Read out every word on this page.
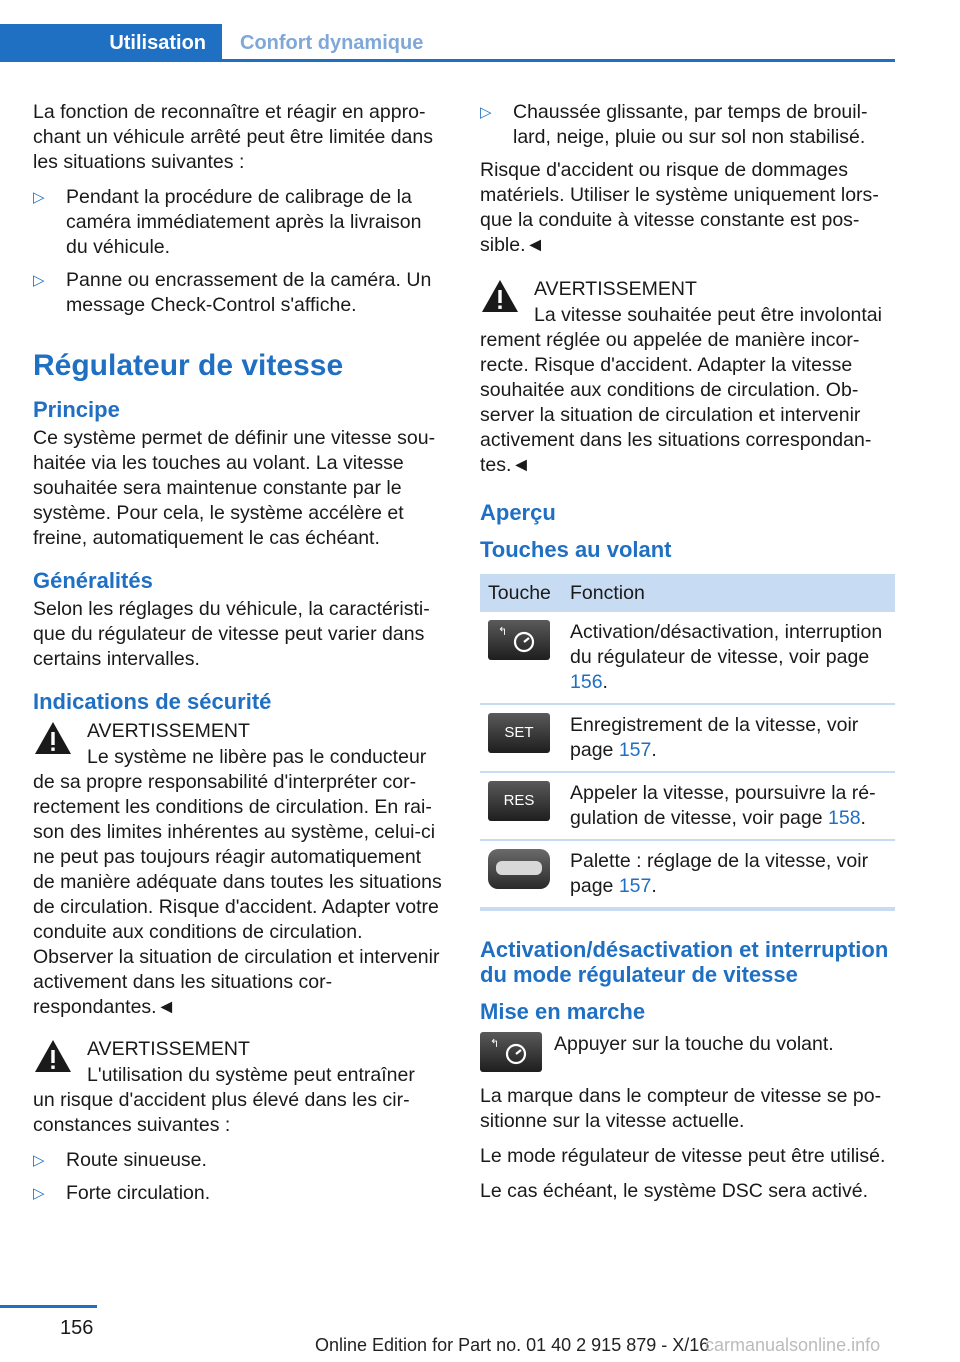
Utilisation	Confort dynamique

La fonction de reconnaître et réagir en approchant un véhicule arrêté peut être limitée dans les situations suivantes :

▷ Pendant la procédure de calibrage de la caméra immédiatement après la livraison du véhicule.
▷ Panne ou encrassement de la caméra. Un message Check-Control s'affiche.
Régulateur de vitesse
Principe

Ce système permet de définir une vitesse souhaitée via les touches au volant. La vitesse souhaitée sera maintenue constante par le système. Pour cela, le système accélère et freine, automatiquement le cas échéant.

Généralités

Selon les réglages du véhicule, la caractéristique du régulateur de vitesse peut varier dans certains intervalles.

Indications de sécurité
AVERTISSEMENT
Le système ne libère pas le conducteur

de sa propre responsabilité d'interpréter correctement les conditions de circulation. En raison des limites inhérentes au système, celui-ci ne peut pas toujours réagir automatiquement de manière adéquate dans toutes les situations de circulation. Risque d'accident. Adapter votre conduite aux conditions de circulation. Observer la situation de circulation et intervenir activement dans les situations correspondantes.◄

AVERTISSEMENT
L'utilisation du système peut entraîner

un risque d'accident plus élevé dans les circonstances suivantes :

▷ Route sinueuse.
▷ Forte circulation.
▷ Chaussée glissante, par temps de brouillard, neige, pluie ou sur sol non stabilisé.

Risque d'accident ou risque de dommages matériels. Utiliser le système uniquement lorsque la conduite à vitesse constante est possible.◄

AVERTISSEMENT
La vitesse souhaitée peut être involontai

rement réglée ou appelée de manière incorrecte. Risque d'accident. Adapter la vitesse souhaitée aux conditions de circulation. Observer la situation de circulation et intervenir activement dans les situations correspondantes.◄

Aperçu
Touches au volant
Touche	Fonction

↰	Activation/désactivation, interruption du régulateur de vitesse, voir page 156.

SET	Enregistrement de la vitesse, voir page 157.

RES	Appeler la vitesse, poursuivre la régulation de vitesse, voir page 158.

	Palette : réglage de la vitesse, voir page 157.
Activation/désactivation et interruption du mode régulateur de vitesse
Mise en marche
↰	Appuyer sur la touche du volant.

La marque dans le compteur de vitesse se positionne sur la vitesse actuelle.

Le mode régulateur de vitesse peut être utilisé.

Le cas échéant, le système DSC sera activé.

156
Online Edition for Part no. 01 40 2 915 879 - X/16
carmanualsonline.info
